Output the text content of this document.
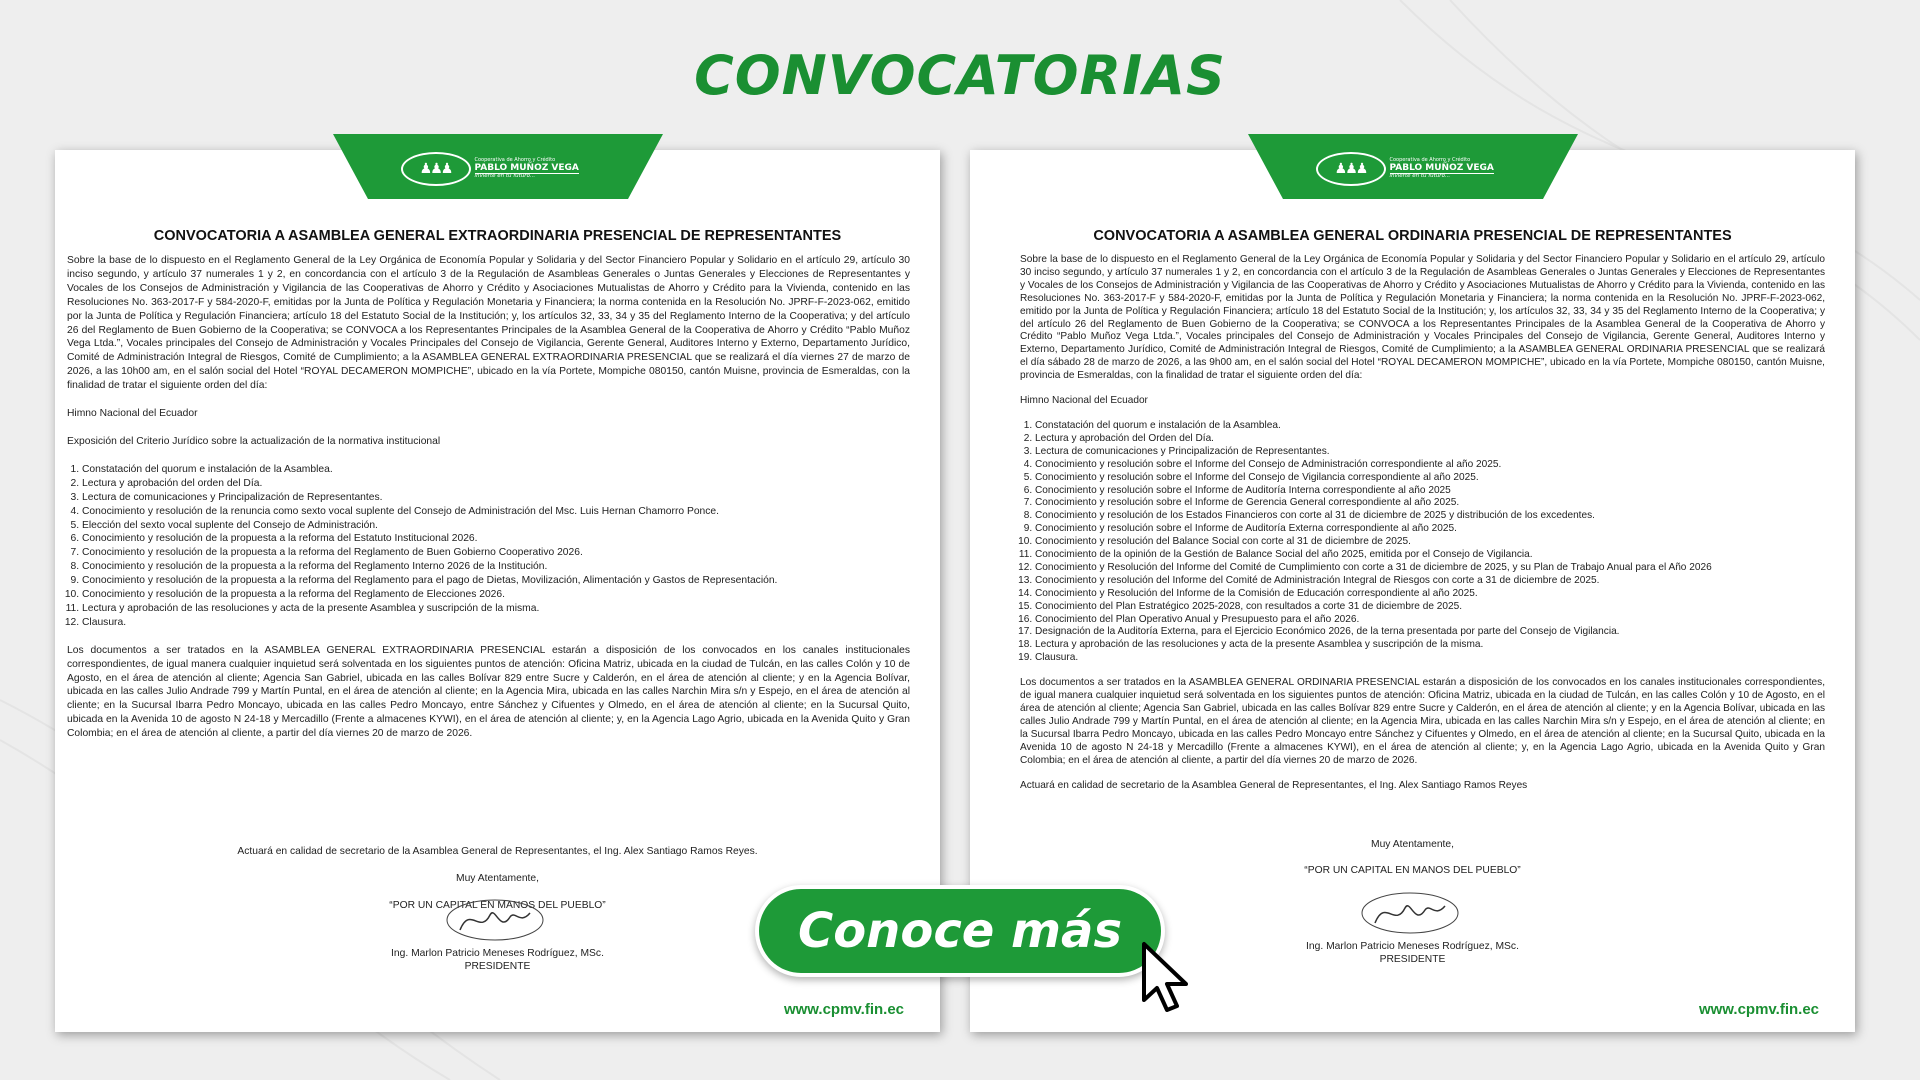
CONVOCATORIAS
♟♟♟
Cooperativa de Ahorro y Crédito
PABLO MUÑOZ VEGA
invierte en tu futuro...
CONVOCATORIA A ASAMBLEA GENERAL EXTRAORDINARIA PRESENCIAL DE REPRESENTANTES

Sobre la base de lo dispuesto en el Reglamento General de la Ley Orgánica de Economía Popular y Solidaria y del Sector Financiero Popular y Solidario en el artículo 29, artículo 30 inciso segundo, y artículo 37 numerales 1 y 2, en concordancia con el artículo 3 de la Regulación de Asambleas Generales o Juntas Generales y Elecciones de Representantes y Vocales de los Consejos de Administración y Vigilancia de las Cooperativas de Ahorro y Crédito y Asociaciones Mutualistas de Ahorro y Crédito para la Vivienda, contenido en las Resoluciones No. 363-2017-F y 584-2020-F, emitidas por la Junta de Política y Regulación Monetaria y Financiera; la norma contenida en la Resolución No. JPRF-F-2023-062, emitido por la Junta de Política y Regulación Financiera; artículo 18 del Estatuto Social de la Institución; y, los artículos 32, 33, 34 y 35 del Reglamento Interno de la Cooperativa; y del artículo 26 del Reglamento de Buen Gobierno de la Cooperativa; se CONVOCA a los Representantes Principales de la Asamblea General de la Cooperativa de Ahorro y Crédito “Pablo Muñoz Vega Ltda.”, Vocales principales del Consejo de Administración y Vocales Principales del Consejo de Vigilancia, Gerente General, Auditores Interno y Externo, Departamento Jurídico, Comité de Administración Integral de Riesgos, Comité de Cumplimiento; a la ASAMBLEA GENERAL EXTRAORDINARIA PRESENCIAL que se realizará el día viernes 27 de marzo de 2026, a las 10h00 am, en el salón social del Hotel “ROYAL DECAMERON MOMPICHE”, ubicado en la vía Portete, Mompiche 080150, cantón Muisne, provincia de Esmeraldas, con la finalidad de tratar el siguiente orden del día:

Himno Nacional del Ecuador

Exposición del Criterio Jurídico sobre la actualización de la normativa institucional

1. Constatación del quorum e instalación de la Asamblea.
2. Lectura y aprobación del orden del Día.
3. Lectura de comunicaciones y Principalización de Representantes.
4. Conocimiento y resolución de la renuncia como sexto vocal suplente del Consejo de Administración del Msc. Luis Hernan Chamorro Ponce.
5. Elección del sexto vocal suplente del Consejo de Administración.
6. Conocimiento y resolución de la propuesta a la reforma del Estatuto Institucional 2026.
7. Conocimiento y resolución de la propuesta a la reforma del Reglamento de Buen Gobierno Cooperativo 2026.
8. Conocimiento y resolución de la propuesta a la reforma del Reglamento Interno 2026 de la Institución.
9. Conocimiento y resolución de la propuesta a la reforma del Reglamento para el pago de Dietas, Movilización, Alimentación y Gastos de Representación.
10. Conocimiento y resolución de la propuesta a la reforma del Reglamento de Elecciones 2026.
11. Lectura y aprobación de las resoluciones y acta de la presente Asamblea y suscripción de la misma.
12. Clausura.

Los documentos a ser tratados en la ASAMBLEA GENERAL EXTRAORDINARIA PRESENCIAL estarán a disposición de los convocados en los canales institucionales correspondientes, de igual manera cualquier inquietud será solventada en los siguientes puntos de atención: Oficina Matriz, ubicada en la ciudad de Tulcán, en las calles Colón y 10 de Agosto, en el área de atención al cliente; Agencia San Gabriel, ubicada en las calles Bolívar 829 entre Sucre y Calderón, en el área de atención al cliente; y en la Agencia Bolívar, ubicada en las calles Julio Andrade 799 y Martín Puntal, en el área de atención al cliente; en la Agencia Mira, ubicada en las calles Narchin Mira s/n y Espejo, en el área de atención al cliente; en la Sucursal Ibarra Pedro Moncayo, ubicada en las calles Pedro Moncayo, entre Sánchez y Cifuentes y Olmedo, en el área de atención al cliente; en la Sucursal Quito, ubicada en la Avenida 10 de agosto N 24-18 y Mercadillo (Frente a almacenes KYWI), en el área de atención al cliente; y, en la Agencia Lago Agrio, ubicada en la Avenida Quito y Gran Colombia; en el área de atención al cliente, a partir del día viernes 20 de marzo de 2026.

Actuará en calidad de secretario de la Asamblea General de Representantes, el Ing. Alex Santiago Ramos Reyes.
Muy Atentamente,
“POR UN CAPITAL EN MANOS DEL PUEBLO”
Ing. Marlon Patricio Meneses Rodríguez, MSc.
PRESIDENTE
www.cpmv.fin.ec
♟♟♟
Cooperativa de Ahorro y Crédito
PABLO MUÑOZ VEGA
invierte en tu futuro...
CONVOCATORIA A ASAMBLEA GENERAL ORDINARIA PRESENCIAL DE REPRESENTANTES

Sobre la base de lo dispuesto en el Reglamento General de la Ley Orgánica de Economía Popular y Solidaria y del Sector Financiero Popular y Solidario en el artículo 29, artículo 30 inciso segundo, y artículo 37 numerales 1 y 2, en concordancia con el artículo 3 de la Regulación de Asambleas Generales o Juntas Generales y Elecciones de Representantes y Vocales de los Consejos de Administración y Vigilancia de las Cooperativas de Ahorro y Crédito y Asociaciones Mutualistas de Ahorro y Crédito para la Vivienda, contenido en las Resoluciones No. 363-2017-F y 584-2020-F, emitidas por la Junta de Política y Regulación Monetaria y Financiera; la norma contenida en la Resolución No. JPRF-F-2023-062, emitido por la Junta de Política y Regulación Financiera; artículo 18 del Estatuto Social de la Institución; y, los artículos 32, 33, 34 y 35 del Reglamento Interno de la Cooperativa; y del artículo 26 del Reglamento de Buen Gobierno de la Cooperativa; se CONVOCA a los Representantes Principales de la Asamblea General de la Cooperativa de Ahorro y Crédito “Pablo Muñoz Vega Ltda.”, Vocales principales del Consejo de Administración y Vocales Principales del Consejo de Vigilancia, Gerente General, Auditores Interno y Externo, Departamento Jurídico, Comité de Administración Integral de Riesgos, Comité de Cumplimiento; a la ASAMBLEA GENERAL ORDINARIA PRESENCIAL que se realizará el día sábado 28 de marzo de 2026, a las 9h00 am, en el salón social del Hotel “ROYAL DECAMERON MOMPICHE”, ubicado en la vía Portete, Mompiche 080150, cantón Muisne, provincia de Esmeraldas, con la finalidad de tratar el siguiente orden del día:

Himno Nacional del Ecuador

1. Constatación del quorum e instalación de la Asamblea.
2. Lectura y aprobación del Orden del Día.
3. Lectura de comunicaciones y Principalización de Representantes.
4. Conocimiento y resolución sobre el Informe del Consejo de Administración correspondiente al año 2025.
5. Conocimiento y resolución sobre el Informe del Consejo de Vigilancia correspondiente al año 2025.
6. Conocimiento y resolución sobre el Informe de Auditoría Interna correspondiente al año 2025
7. Conocimiento y resolución sobre el Informe de Gerencia General correspondiente al año 2025.
8. Conocimiento y resolución de los Estados Financieros con corte al 31 de diciembre de 2025 y distribución de los excedentes.
9. Conocimiento y resolución sobre el Informe de Auditoría Externa correspondiente al año 2025.
10. Conocimiento y resolución del Balance Social con corte al 31 de diciembre de 2025.
11. Conocimiento de la opinión de la Gestión de Balance Social del año 2025, emitida por el Consejo de Vigilancia.
12. Conocimiento y Resolución del Informe del Comité de Cumplimiento con corte a 31 de diciembre de 2025, y su Plan de Trabajo Anual para el Año 2026
13. Conocimiento y resolución del Informe del Comité de Administración Integral de Riesgos con corte a 31 de diciembre de 2025.
14. Conocimiento y Resolución del Informe de la Comisión de Educación correspondiente al año 2025.
15. Conocimiento del Plan Estratégico 2025-2028, con resultados a corte 31 de diciembre de 2025.
16. Conocimiento del Plan Operativo Anual y Presupuesto para el año 2026.
17. Designación de la Auditoría Externa, para el Ejercicio Económico 2026, de la terna presentada por parte del Consejo de Vigilancia.
18. Lectura y aprobación de las resoluciones y acta de la presente Asamblea y suscripción de la misma.
19. Clausura.

Los documentos a ser tratados en la ASAMBLEA GENERAL ORDINARIA PRESENCIAL estarán a disposición de los convocados en los canales institucionales correspondientes, de igual manera cualquier inquietud será solventada en los siguientes puntos de atención: Oficina Matriz, ubicada en la ciudad de Tulcán, en las calles Colón y 10 de Agosto, en el área de atención al cliente; Agencia San Gabriel, ubicada en las calles Bolívar 829 entre Sucre y Calderón, en el área de atención al cliente; y en la Agencia Bolívar, ubicada en las calles Julio Andrade 799 y Martín Puntal, en el área de atención al cliente; en la Agencia Mira, ubicada en las calles Narchin Mira s/n y Espejo, en el área de atención al cliente; en la Sucursal Ibarra Pedro Moncayo, ubicada en las calles Pedro Moncayo entre Sánchez y Cifuentes y Olmedo, en el área de atención al cliente; en la Sucursal Quito, ubicada en la Avenida 10 de agosto N 24-18 y Mercadillo (Frente a almacenes KYWI), en el área de atención al cliente; y, en la Agencia Lago Agrio, ubicada en la Avenida Quito y Gran Colombia; en el área de atención al cliente, a partir del día viernes 20 de marzo de 2026.

Actuará en calidad de secretario de la Asamblea General de Representantes, el Ing. Alex Santiago Ramos Reyes

Muy Atentamente,
“POR UN CAPITAL EN MANOS DEL PUEBLO”
Ing. Marlon Patricio Meneses Rodríguez, MSc.
PRESIDENTE
www.cpmv.fin.ec
Conoce más
